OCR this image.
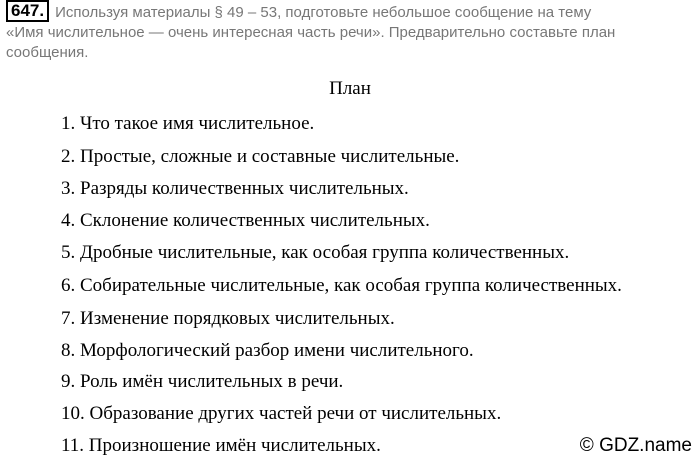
647. Используя материалы § 49 – 53, подготовьте небольшое сообщение на тему
«Имя числительное — очень интересная часть речи». Предварительно составьте план
сообщения.
План
1. Что такое имя числительное.
2. Простые, сложные и составные числительные.
3. Разряды количественных числительных.
4. Склонение количественных числительных.
5. Дробные числительные, как особая группа количественных.
6. Собирательные числительные, как особая группа количественных.
7. Изменение порядковых числительных.
8. Морфологический разбор имени числительного.
9. Роль имён числительных в речи.
10. Образование других частей речи от числительных.
11. Произношение имён числительных.	© GDZ.name
